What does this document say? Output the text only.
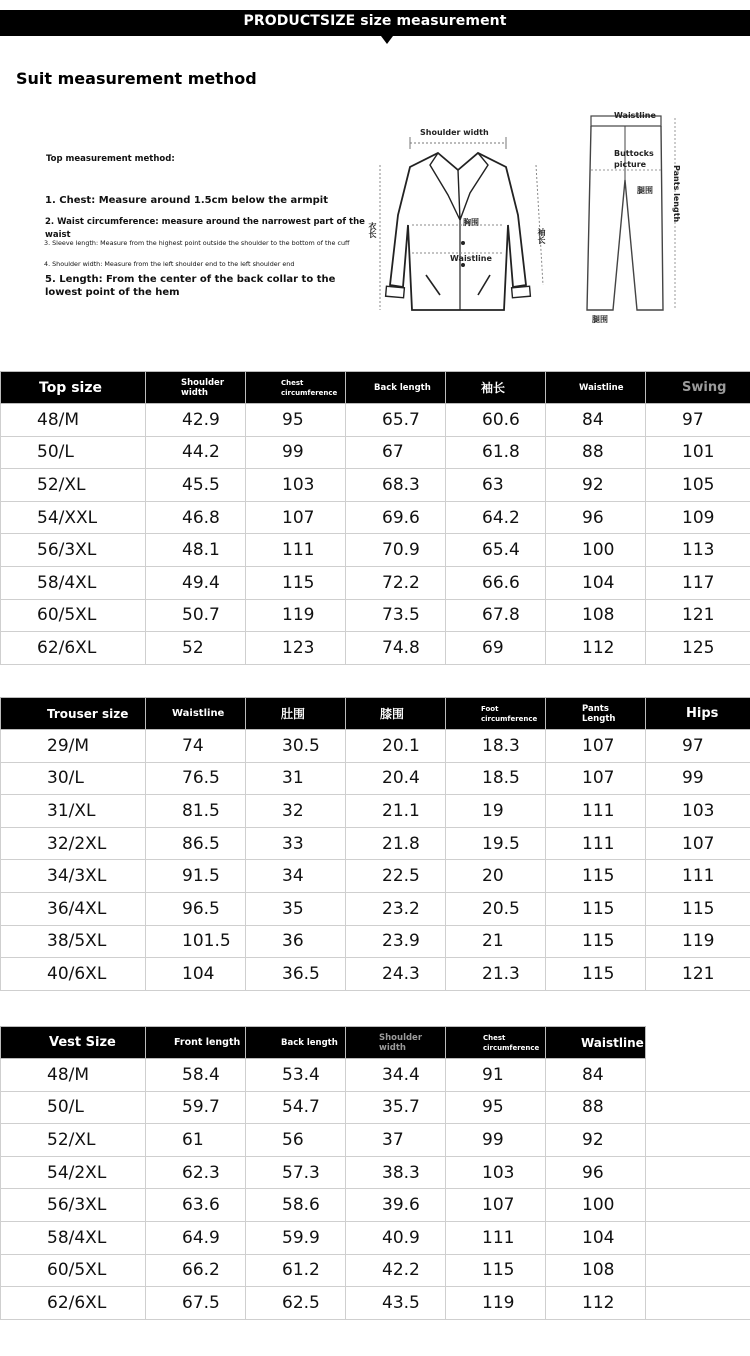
PRODUCTSIZE size measurement
Suit measurement method
Top measurement method:
1. Chest: Measure around 1.5cm below the armpit
2. Waist circumference: measure around the narrowest part of the waist
3. Sleeve length: Measure from the highest point outside the shoulder to the bottom of the cuff
4. Shoulder width: Measure from the left shoulder end to the left shoulder end
5. Length: From the center of the back collar to the lowest point of the hem
Shoulder width
胸围
Waistline
衣长	袖长
Waistline
Buttocks
picture
腿围 Pants length
腿围
Top size	Shoulder width	Chest circumference	Back length	袖长	Waistline	Swing
48/M	42.9	95	65.7	60.6	84	97
50/L	44.2	99	67	61.8	88	101
52/XL	45.5	103	68.3	63	92	105
54/XXL	46.8	107	69.6	64.2	96	109
56/3XL	48.1	111	70.9	65.4	100	113
58/4XL	49.4	115	72.2	66.6	104	117
60/5XL	50.7	119	73.5	67.8	108	121
62/6XL	52	123	74.8	69	112	125
Trouser size	Waistline	肚围	膝围	Foot circumference	Pants Length	Hips
29/M	74	30.5	20.1	18.3	107	97
30/L	76.5	31	20.4	18.5	107	99
31/XL	81.5	32	21.1	19	111	103
32/2XL	86.5	33	21.8	19.5	111	107
34/3XL	91.5	34	22.5	20	115	111
36/4XL	96.5	35	23.2	20.5	115	115
38/5XL	101.5	36	23.9	21	115	119
40/6XL	104	36.5	24.3	21.3	115	121
Vest Size	Front length	Back length	Shoulder width	Chest circumference	Waistline	
48/M	58.4	53.4	34.4	91	84	
50/L	59.7	54.7	35.7	95	88	
52/XL	61	56	37	99	92	
54/2XL	62.3	57.3	38.3	103	96	
56/3XL	63.6	58.6	39.6	107	100	
58/4XL	64.9	59.9	40.9	111	104	
60/5XL	66.2	61.2	42.2	115	108	
62/6XL	67.5	62.5	43.5	119	112	
